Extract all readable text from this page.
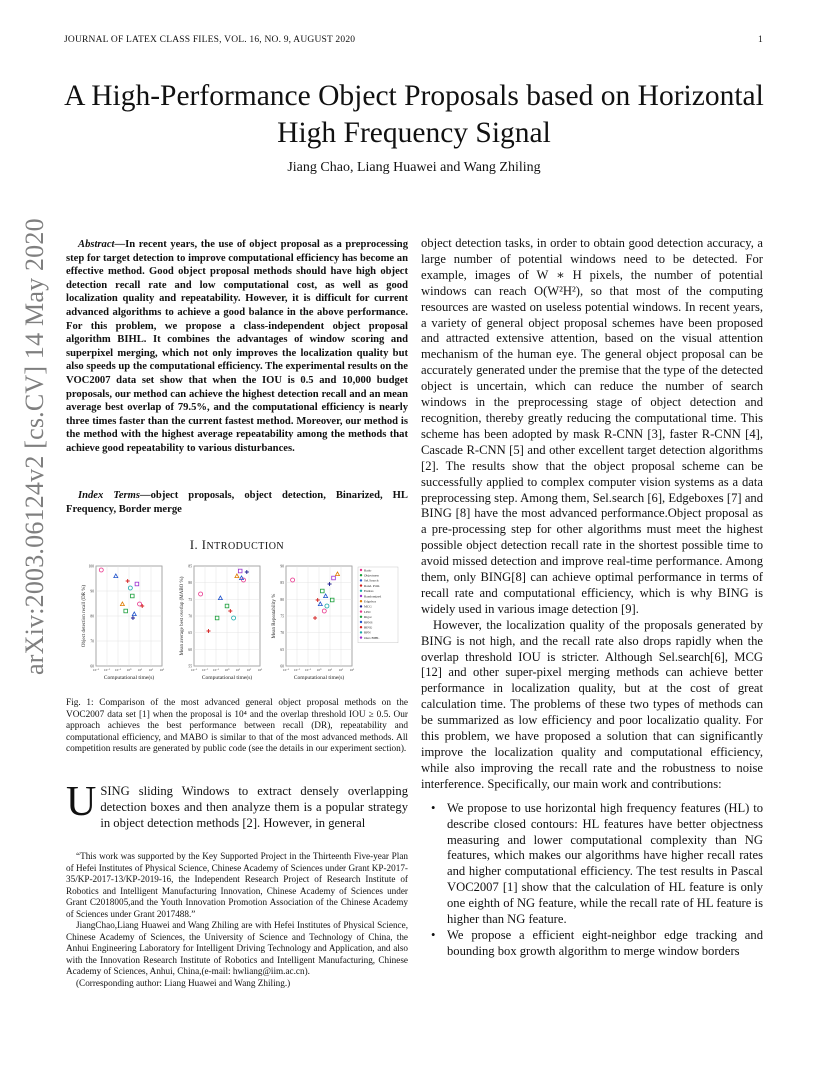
JOURNAL OF LATEX CLASS FILES, VOL. 16, NO. 9, AUGUST 2020	1
A High-Performance Object Proposals based on Horizontal High Frequency Signal
Jiang Chao, Liang Huawei and Wang Zhiling
arXiv:2003.06124v2 [cs.CV] 14 May 2020	Abstract—In recent years, the use of object proposal as a preprocessing step for target detection to improve computational efficiency has become an effective method. Good object proposal methods should have high object detection recall rate and low computational cost, as well as good localization quality and repeatability. However, it is difficult for current advanced algorithms to achieve a good balance in the above performance. For this problem, we propose a class-independent object proposal algorithm BIHL. It combines the advantages of window scoring and superpixel merging, which not only improves the localization quality but also speeds up the computational efficiency. The experimental results on the VOC2007 data set show that when the IOU is 0.5 and 10,000 budget proposals, our method can achieve the highest detection recall and an mean average best overlap of 79.5%, and the computational efficiency is nearly three times faster than the current fastest method. Moreover, our method is the method with the highest average repeatability among the methods that achieve good repeatability to various disturbances.

Index Terms—object proposals, object detection, Binarized, HL Frequency, Border merge

I. INTRODUCTION
60
70
80
90
100
10⁻³ 10⁻² 10⁻¹ 10⁰ 10¹ 10² 10³
Computational time(s)
Object detection recall (DR %)
55
60
65
70
75
80
85
10⁻³ 10⁻² 10⁻¹ 10⁰ 10¹ 10² 10³
Computational time(s)
Mean average best overlap (MABO %)
60
65
70
75
80
85
90
10⁻³ 10⁻² 10⁻¹ 10⁰ 10¹ 10² 10³
Computational time(s)
Mean Repeatability %
Ratio
Objectness
Sel.Search
Rand. Prim
Endres
Randomized
Edgebox
MCG
LPO
Rigor
RPNS
BING
RPN
Ours BIHL

Fig. 1: Comparison of the most advanced general object proposal methods on the VOC2007 data set [1] when the proposal is 10⁴ and the overlap threshold IOU ≥ 0.5. Our approach achieves the best performance between recall (DR), repeatability and computational efficiency, and MABO is similar to that of the most advanced methods. All competition results are generated by public code (see the details in our experiment section).

USING sliding Windows to extract densely overlapping detection boxes and then analyze them is a popular strategy in object detection methods [2]. However, in general

“This work was supported by the Key Supported Project in the Thirteenth Five-year Plan of Hefei Institutes of Physical Science, Chinese Academy of Sciences under Grant KP-2017-35/KP-2017-13/KP-2019-16, the Independent Research Project of Research Institute of Robotics and Intelligent Manufacturing Innovation, Chinese Academy of Sciences under Grant C2018005,and the Youth Innovation Promotion Association of the Chinese Academy of Sciences under Grant 2017488.”

JiangChao,Liang Huawei and Wang Zhiling are with Hefei Institutes of Physical Science, Chinese Academy of Sciences, the University of Science and Technology of China, the Anhui Engineering Laboratory for Intelligent Driving Technology and Application, and also with the Innovation Research Institute of Robotics and Intelligent Manufacturing, Chinese Academy of Sciences, Anhui, China,(e-mail: hwliang@iim.ac.cn).

(Corresponding author: Liang Huawei and Wang Zhiling.)

object detection tasks, in order to obtain good detection accuracy, a large number of potential windows need to be detected. For example, images of W ∗ H pixels, the number of potential windows can reach O(W²H²), so that most of the computing resources are wasted on useless potential windows. In recent years, a variety of general object proposal schemes have been proposed and attracted extensive attention, based on the visual attention mechanism of the human eye. The general object proposal can be accurately generated under the premise that the type of the detected object is uncertain, which can reduce the number of search windows in the preprocessing stage of object detection and recognition, thereby greatly reducing the computational time. This scheme has been adopted by mask R-CNN [3], faster R-CNN [4], Cascade R-CNN [5] and other excellent target detection algorithms [2]. The results show that the object proposal scheme can be successfully applied to complex computer vision systems as a data preprocessing step. Among them, Sel.search [6], Edgeboxes [7] and BING [8] have the most advanced performance.Object proposal as a pre-processing step for other algorithms must meet the highest possible object detection recall rate in the shortest possible time to avoid missed detection and improve real-time performance. Among them, only BING[8] can achieve optimal performance in terms of recall rate and computational efficiency, which is why BING is widely used in various image detection [9].

However, the localization quality of the proposals generated by BING is not high, and the recall rate also drops rapidly when the overlap threshold IOU is stricter. Although Sel.search[6], MCG [12] and other super-pixel merging methods can achieve better performance in localization quality, but at the cost of great calculation time. The problems of these two types of methods can be summarized as low efficiency and poor localizatio quality. For this problem, we have proposed a solution that can significantly improve the localization quality and computational efficiency, while also improving the recall rate and the robustness to noise interference. Specifically, our main work and contributions:

• We propose to use horizontal high frequency features (HL) to describe closed contours: HL features have better objectness measuring and lower computational complexity than NG features, which makes our algorithms have higher recall rates and higher computational efficiency. The test results in Pascal VOC2007 [1] show that the calculation of HL feature is only one eighth of NG feature, while the recall rate of HL feature is higher than NG feature.
• We propose a efficient eight-neighbor edge tracking and bounding box growth algorithm to merge window borders
